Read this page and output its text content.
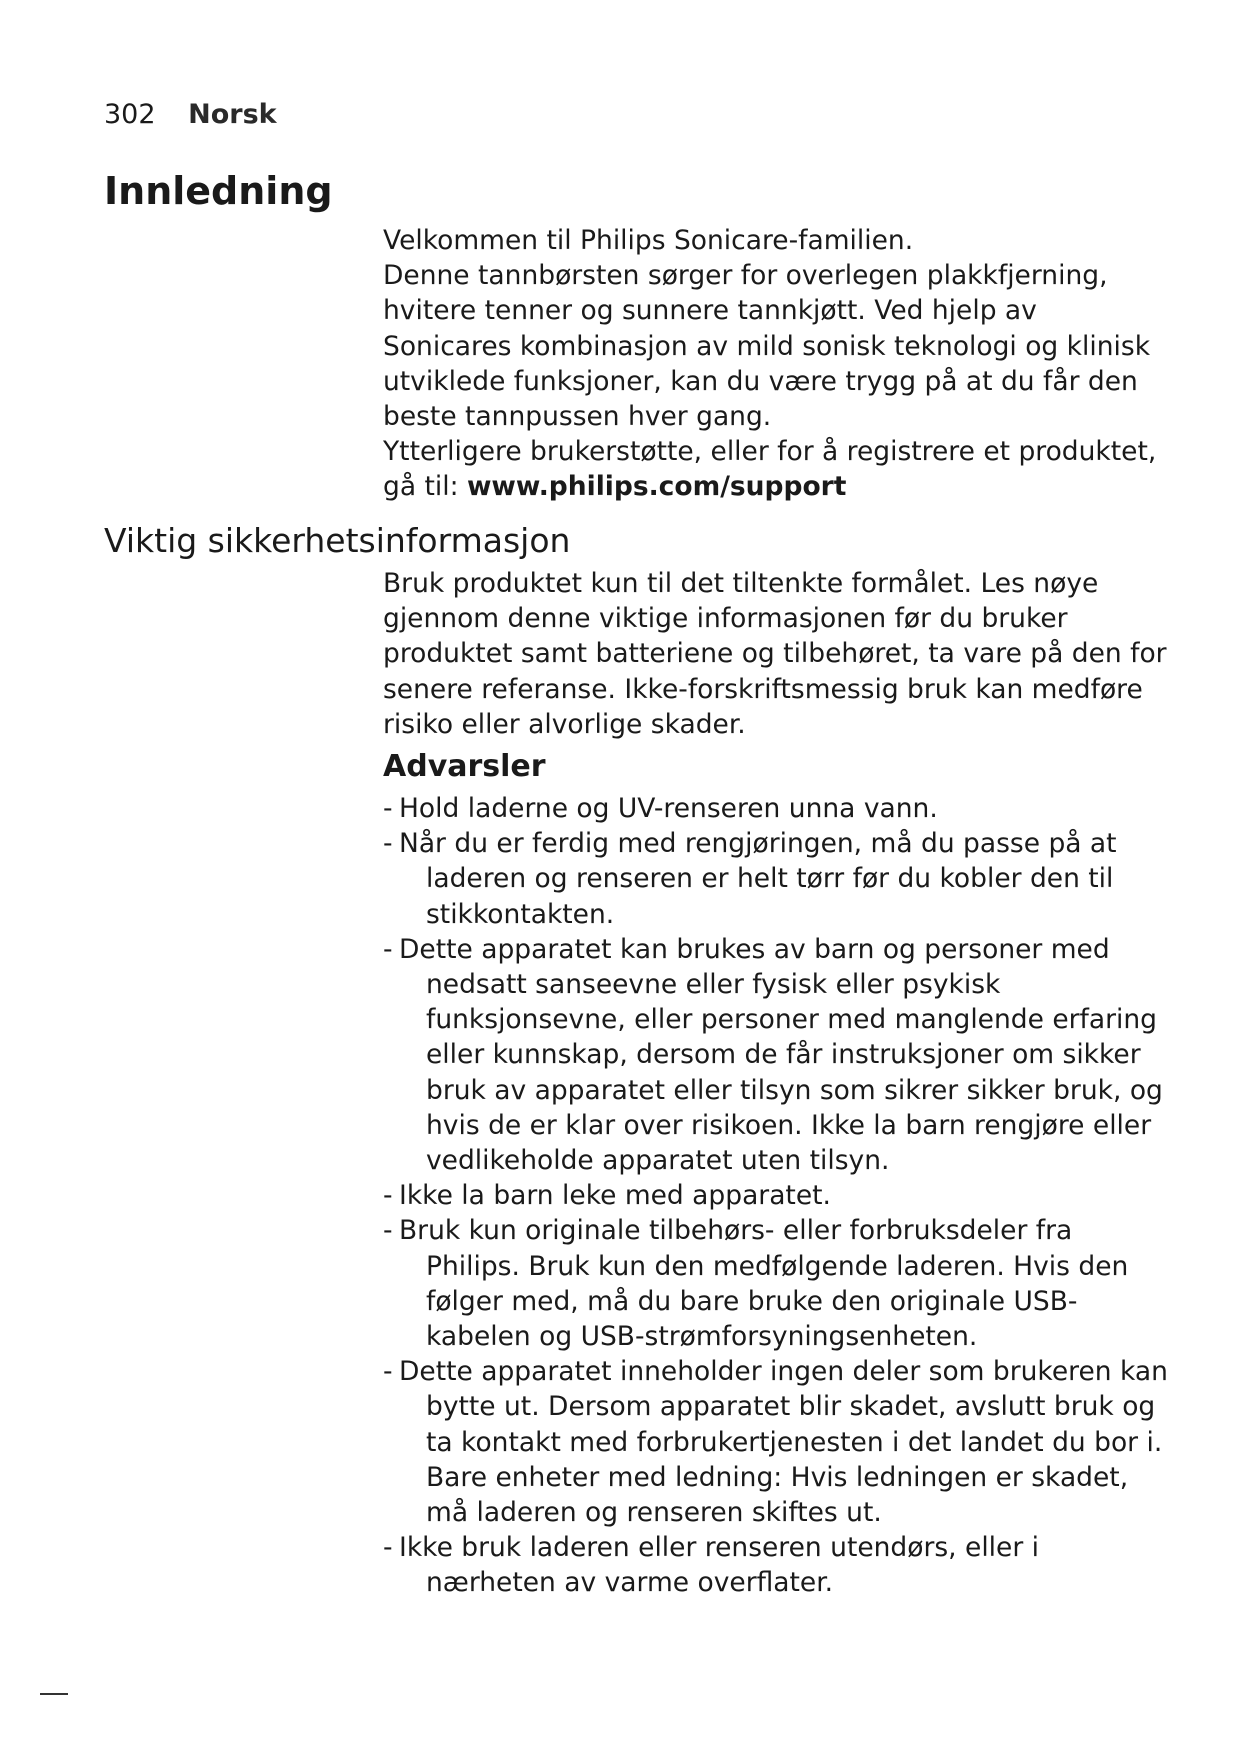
302 Norsk
Innledning

Velkommen til Philips Sonicare-familien.

Denne tannbørsten sørger for overlegen plakkfjerning, hvitere tenner og sunnere tannkjøtt. Ved hjelp av Sonicares kombinasjon av mild sonisk teknologi og klinisk utviklede funksjoner, kan du være trygg på at du får den beste tannpussen hver gang.

Ytterligere brukerstøtte, eller for å registrere et produktet, gå til: www.philips.com/support

Viktig sikkerhetsinformasjon

Bruk produktet kun til det tiltenkte formålet. Les nøye gjennom denne viktige informasjonen før du bruker produktet samt batteriene og tilbehøret, ta vare på den for senere referanse. Ikke-forskriftsmessig bruk kan medføre risiko eller alvorlige skader.

Advarsler
- Hold laderne og UV-renseren unna vann.
- Når du er ferdig med rengjøringen, må du passe på at laderen og renseren er helt tørr før du kobler den til stikkontakten.
- Dette apparatet kan brukes av barn og personer med nedsatt sanseevne eller fysisk eller psykisk funksjonsevne, eller personer med manglende erfaring eller kunnskap, dersom de får instruksjoner om sikker bruk av apparatet eller tilsyn som sikrer sikker bruk, og hvis de er klar over risikoen. Ikke la barn rengjøre eller vedlikeholde apparatet uten tilsyn.
- Ikke la barn leke med apparatet.
- Bruk kun originale tilbehørs- eller forbruksdeler fra Philips. Bruk kun den medfølgende laderen. Hvis den følger med, må du bare bruke den originale USB-kabelen og USB-strømforsyningsenheten.
- Dette apparatet inneholder ingen deler som brukeren kan bytte ut. Dersom apparatet blir skadet, avslutt bruk og ta kontakt med forbrukertjenesten i det landet du bor i. Bare enheter med ledning: Hvis ledningen er skadet, må laderen og renseren skiftes ut.
- Ikke bruk laderen eller renseren utendørs, eller i nærheten av varme overflater.
